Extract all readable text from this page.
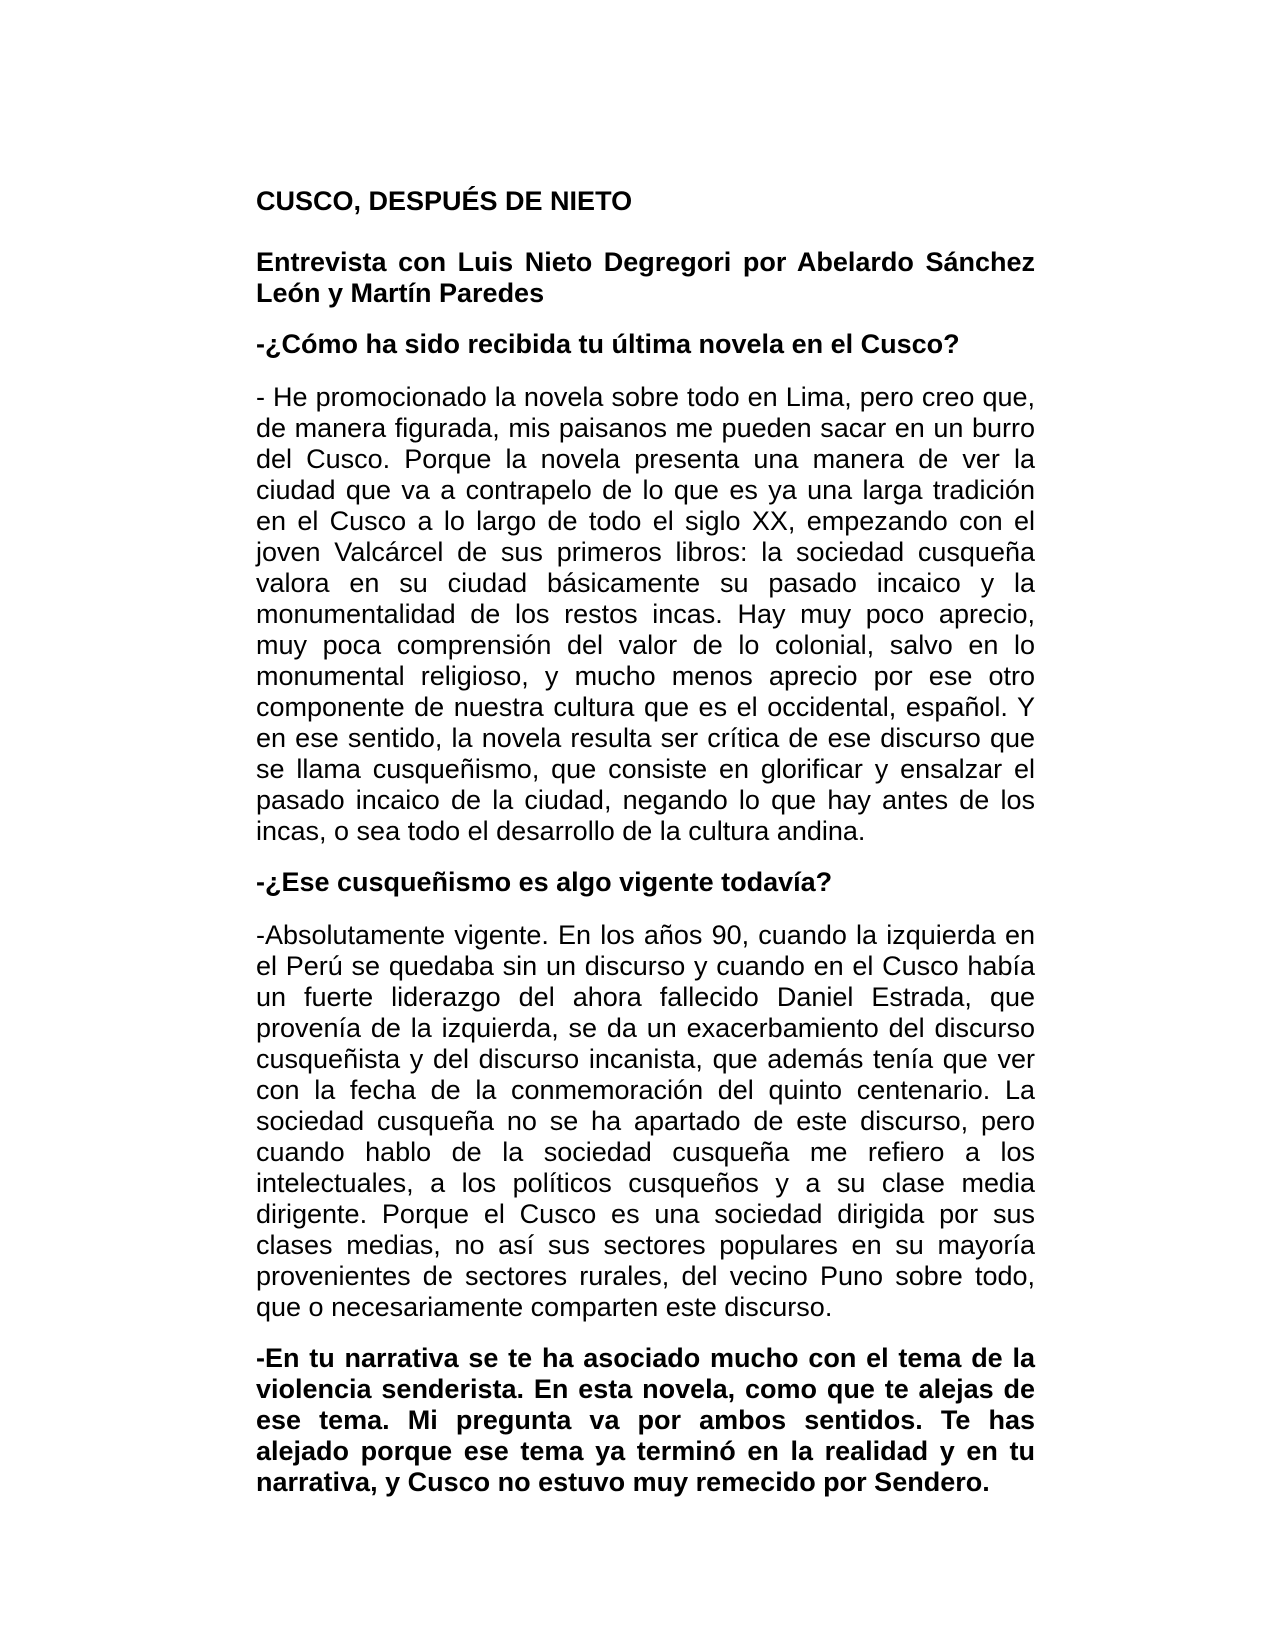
CUSCO, DESPUÉS DE NIETO

Entrevista con Luis Nieto Degregori por Abelardo Sánchez León y Martín Paredes

-¿Cómo ha sido recibida tu última novela en el Cusco?

- He promocionado la novela sobre todo en Lima, pero creo que, de manera figurada, mis paisanos me pueden sacar en un burro del Cusco. Porque la novela presenta una manera de ver la ciudad que va a contrapelo de lo que es ya una larga tradición en el Cusco a lo largo de todo el siglo XX, empezando con el joven Valcárcel de sus primeros libros: la sociedad cusqueña valora en su ciudad básicamente su pasado incaico y la monumentalidad de los restos incas. Hay muy poco aprecio, muy poca comprensión del valor de lo colonial, salvo en lo monumental religioso, y mucho menos aprecio por ese otro componente de nuestra cultura que es el occidental, español. Y en ese sentido, la novela resulta ser crítica de ese discurso que se llama cusqueñismo, que consiste en glorificar y ensalzar el pasado incaico de la ciudad, negando lo que hay antes de los incas, o sea todo el desarrollo de la cultura andina.

-¿Ese cusqueñismo es algo vigente todavía?

-Absolutamente vigente. En los años 90, cuando la izquierda en el Perú se quedaba sin un discurso y cuando en el Cusco había un fuerte liderazgo del ahora fallecido Daniel Estrada, que provenía de la izquierda, se da un exacerbamiento del discurso cusqueñista y del discurso incanista, que además tenía que ver con la fecha de la conmemoración del quinto centenario. La sociedad cusqueña no se ha apartado de este discurso, pero cuando hablo de la sociedad cusqueña me refiero a los intelectuales, a los políticos cusqueños y a su clase media dirigente. Porque el Cusco es una sociedad dirigida por sus clases medias, no así sus sectores populares en su mayoría provenientes de sectores rurales, del vecino Puno sobre todo, que o necesariamente comparten este discurso.

-En tu narrativa se te ha asociado mucho con el tema de la violencia senderista. En esta novela, como que te alejas de ese tema. Mi pregunta va por ambos sentidos. Te has alejado porque ese tema ya terminó en la realidad y en tu narrativa, y Cusco no estuvo muy remecido por Sendero.
